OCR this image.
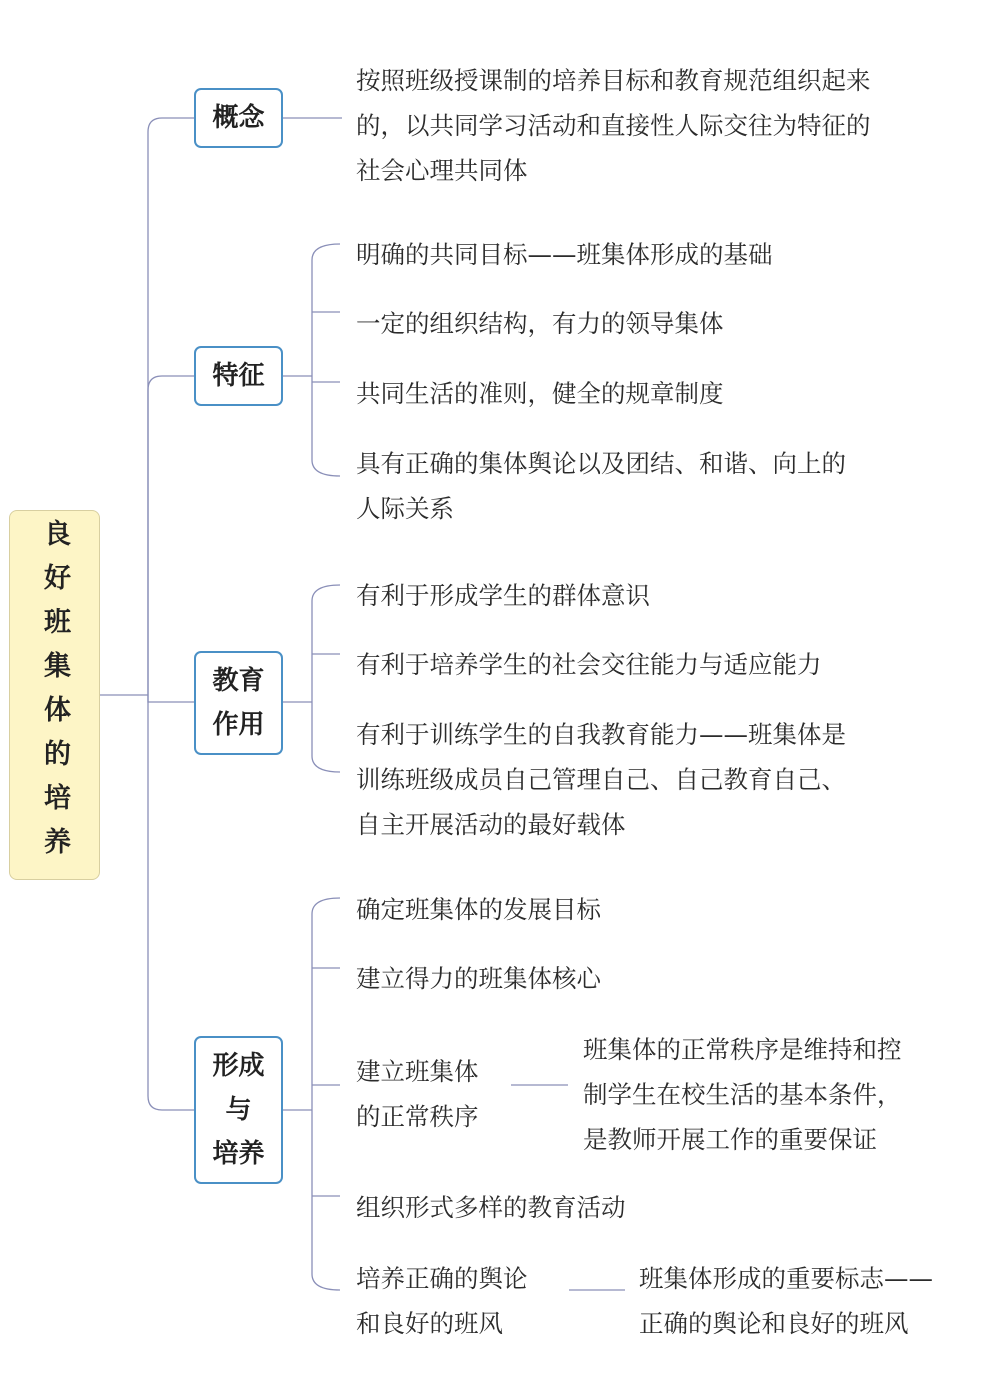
良好班集体的培养
概念
特征
教育
作用
形成
与
培养
按照班级授课制的培养目标和教育规范组织起来
的，以共同学习活动和直接性人际交往为特征的
社会心理共同体
明确的共同目标——班集体形成的基础
一定的组织结构，有力的领导集体
共同生活的准则，健全的规章制度
具有正确的集体舆论以及团结、和谐、向上的
人际关系
有利于形成学生的群体意识
有利于培养学生的社会交往能力与适应能力
有利于训练学生的自我教育能力——班集体是
训练班级成员自己管理自己、自己教育自己、
自主开展活动的最好载体
确定班集体的发展目标
建立得力的班集体核心
建立班集体
的正常秩序
班集体的正常秩序是维持和控
制学生在校生活的基本条件，
是教师开展工作的重要保证
组织形式多样的教育活动
培养正确的舆论
和良好的班风
班集体形成的重要标志——
正确的舆论和良好的班风
